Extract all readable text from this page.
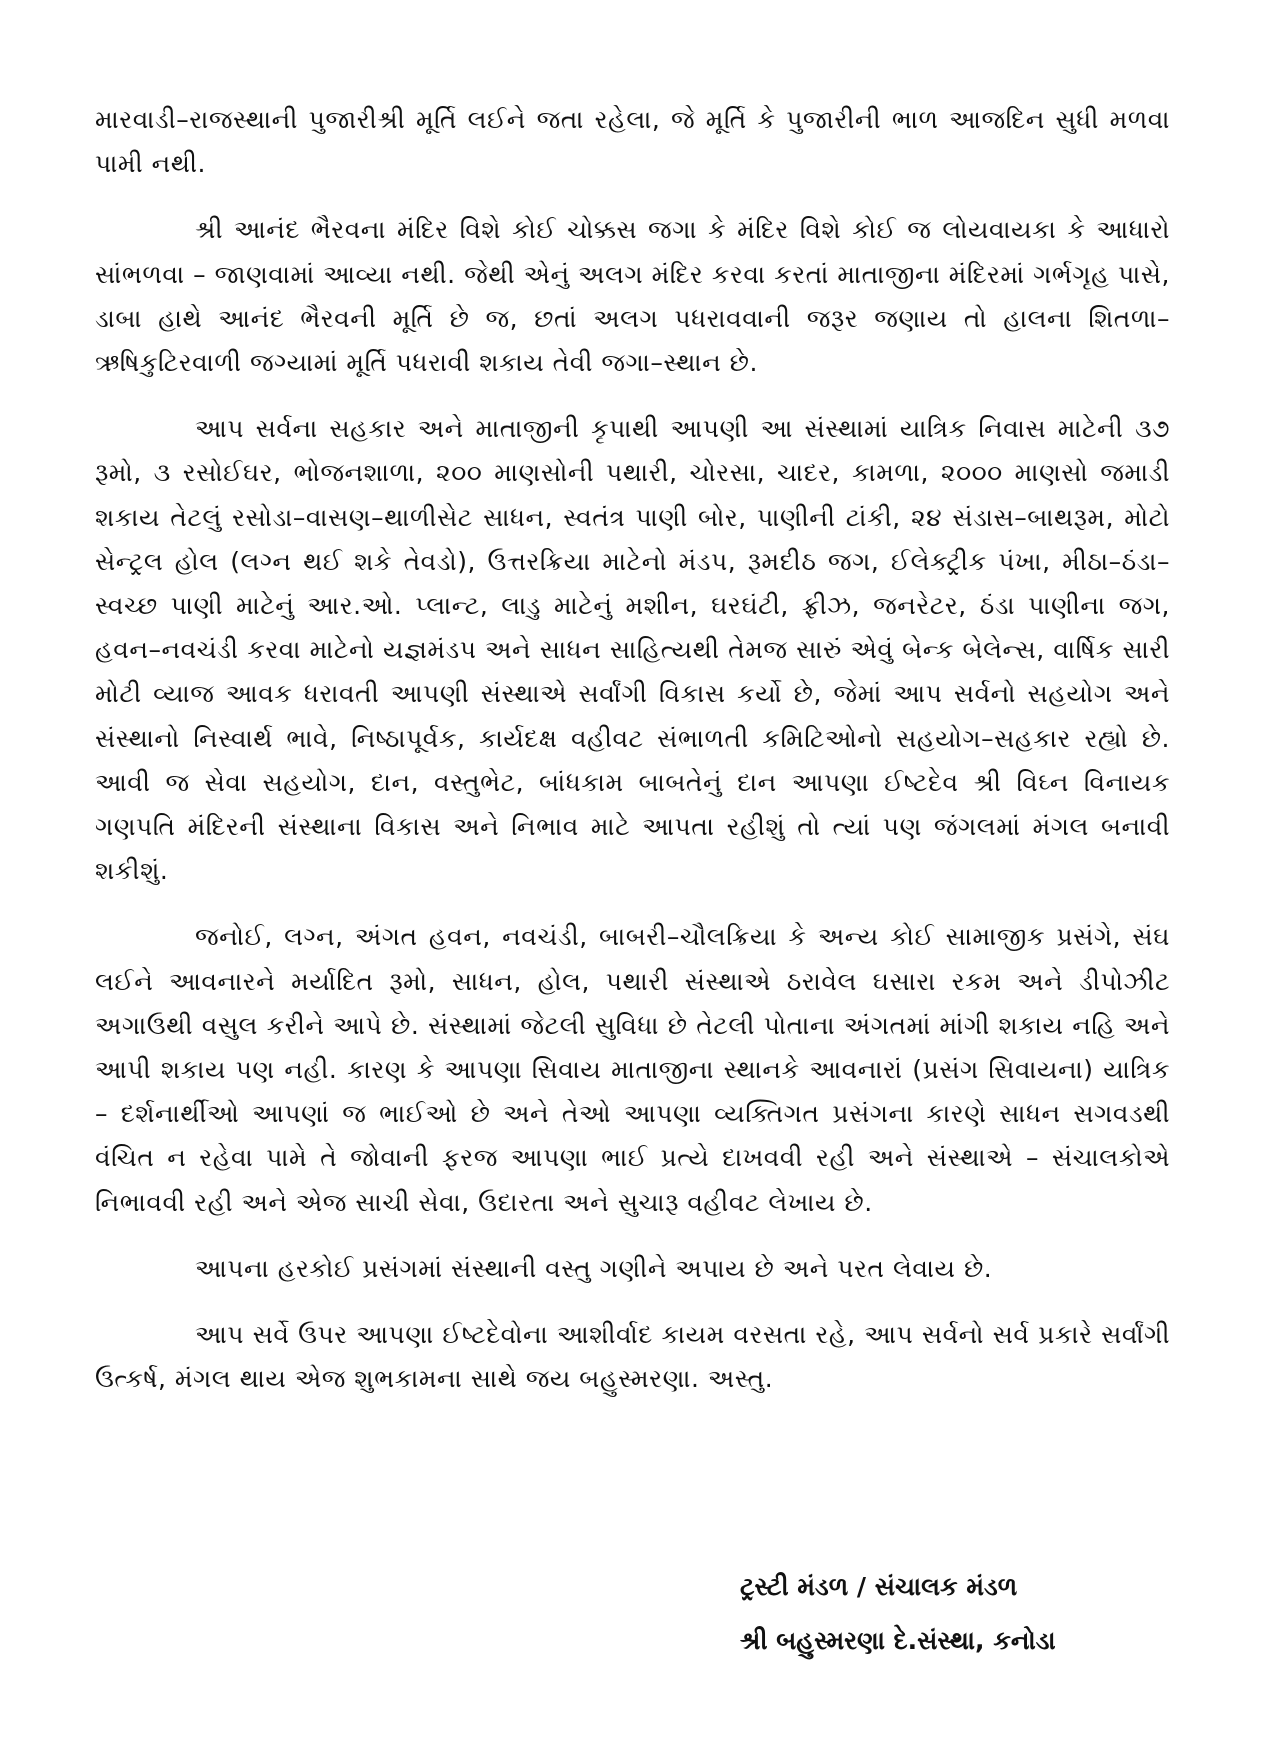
મારવાડી–રાજસ્થાની પુજારીશ્રી મૂર્તિ લઈને જતા રહેલા, જે મૂર્તિ કે પુજારીની ભાળ આજદિન સુધી મળવા પામી નથી.

શ્રી આનંદ ભૈરવના મંદિર વિશે કોઈ ચોક્કસ જગા કે મંદિર વિશે કોઈ જ લોયવાયકા કે આધારો સાંભળવા – જાણવામાં આવ્યા નથી. જેથી એનું અલગ મંદિર કરવા કરતાં માતાજીના મંદિરમાં ગર્ભગૃહ પાસે, ડાબા હાથે આનંદ ભૈરવની મૂર્તિ છે જ, છતાં અલગ પધરાવવાની જરૂર જણાય તો હાલના શિતળા–ઋષિકુટિરવાળી જગ્યામાં મૂર્તિ પધરાવી શકાય તેવી જગા–સ્થાન છે.

આપ સર્વના સહકાર અને માતાજીની કૃપાથી આપણી આ સંસ્થામાં યાત્રિક નિવાસ માટેની ૩૭ રૂમો, ૩ રસોઈઘર, ભોજનશાળા, ૨૦૦ માણસોની પથારી, ચોરસા, ચાદર, કામળા, ૨૦૦૦ માણસો જમાડી શકાય તેટલું રસોડા–વાસણ–થાળીસેટ સાધન, સ્વતંત્ર પાણી બોર, પાણીની ટાંકી, ૨૪ સંડાસ–બાથરૂમ, મોટો સેન્ટ્રલ હોલ (લગ્ન થઈ શકે તેવડો), ઉત્તરક્રિયા માટેનો મંડપ, રૂમદીઠ જગ, ઈલેક્ટ્રીક પંખા, મીઠા–ઠંડા–સ્વચ્છ પાણી માટેનું આર.ઓ. પ્લાન્ટ, લાડુ માટેનું મશીન, ઘરઘંટી, ફ્રીઝ, જનરેટર, ઠંડા પાણીના જગ, હવન–નવચંડી કરવા માટેનો યજ્ઞમંડપ અને સાધન સાહિત્યથી તેમજ સારું એવું બેન્ક બેલેન્સ, વાર્ષિક સારી મોટી વ્યાજ આવક ધરાવતી આપણી સંસ્થાએ સર્વાંગી વિકાસ કર્યો છે, જેમાં આપ સર્વનો સહયોગ અને સંસ્થાનો નિસ્વાર્થ ભાવે, નિષ્ઠાપૂર્વક, કાર્યદક્ષ વહીવટ સંભાળતી કમિટિઓનો સહયોગ–સહકાર રહ્યો છે. આવી જ સેવા સહયોગ, દાન, વસ્તુભેટ, બાંધકામ બાબતેનું દાન આપણા ઈષ્ટદેવ શ્રી વિઘ્ન વિનાયક ગણપતિ મંદિરની સંસ્થાના વિકાસ અને નિભાવ માટે આપતા રહીશું તો ત્યાં પણ જંગલમાં મંગલ બનાવી શકીશું.

જનોઈ, લગ્ન, અંગત હવન, નવચંડી, બાબરી–ચૌલક્રિયા કે અન્ય કોઈ સામાજીક પ્રસંગે, સંઘ લઈને આવનારને મર્યાદિત રૂમો, સાધન, હોલ, પથારી સંસ્થાએ ઠરાવેલ ઘસારા રકમ અને ડીપોઝીટ અગાઉથી વસુલ કરીને આપે છે. સંસ્થામાં જેટલી સુવિધા છે તેટલી પોતાના અંગતમાં માંગી શકાય નહિ અને આપી શકાય પણ નહી. કારણ કે આપણા સિવાય માતાજીના સ્થાનકે આવનારાં (પ્રસંગ સિવાયના) યાત્રિક – દર્શનાર્થીઓ આપણાં જ ભાઈઓ છે અને તેઓ આપણા વ્યક્તિગત પ્રસંગના કારણે સાધન સગવડથી વંચિત ન રહેવા પામે તે જોવાની ફરજ આપણા ભાઈ પ્રત્યે દાખવવી રહી અને સંસ્થાએ – સંચાલકોએ નિભાવવી રહી અને એજ સાચી સેવા, ઉદારતા અને સુચારૂ વહીવટ લેખાય છે.

આપના હરકોઈ પ્રસંગમાં સંસ્થાની વસ્તુ ગણીને અપાય છે અને પરત લેવાય છે.

આપ સર્વે ઉપર આપણા ઈષ્ટદેવોના આશીર્વાદ કાયમ વરસતા રહે, આપ સર્વનો સર્વ પ્રકારે સર્વાંગી ઉત્કર્ષ, મંગલ થાય એજ શુભકામના સાથે જય બહુસ્મરણા. અસ્તુ.

ટ્રસ્ટી મંડળ / સંચાલક મંડળ
શ્રી બહુસ્મરણા દે.સંસ્થા, કનોડા
